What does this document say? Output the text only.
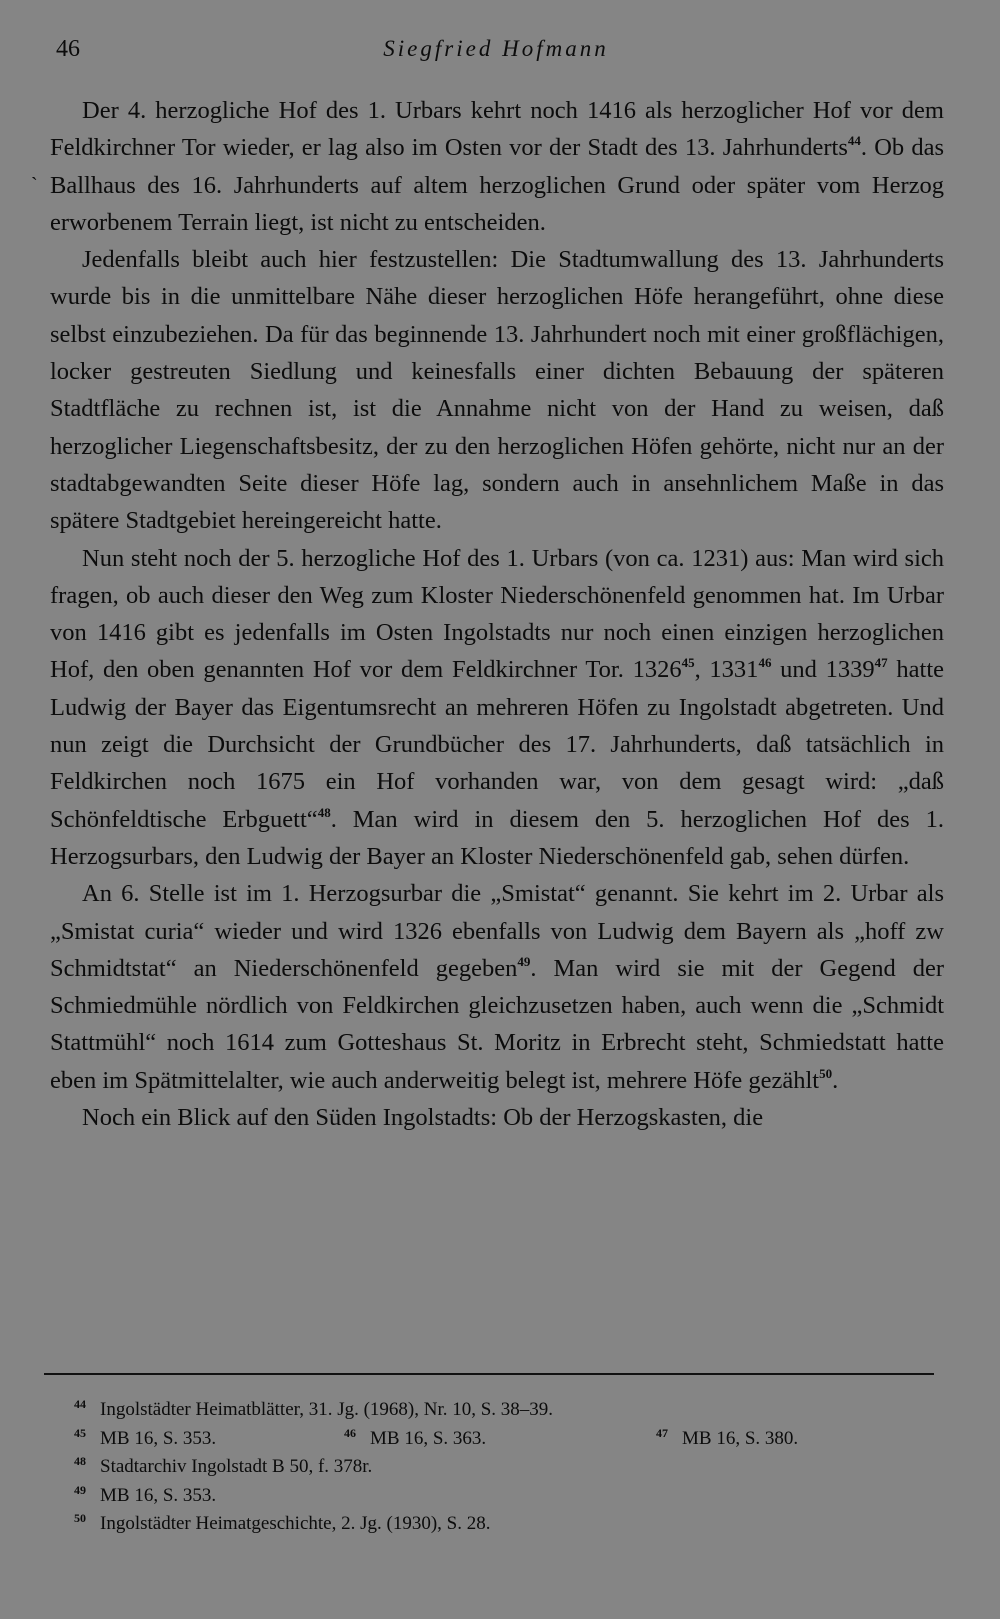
46	Siegfried Hofmann
ˋ

Der 4. herzogliche Hof des 1. Urbars kehrt noch 1416 als herzoglicher Hof vor dem Feldkirchner Tor wieder, er lag also im Osten vor der Stadt des 13. Jahrhunderts$^{44}$. Ob das Ballhaus des 16. Jahrhunderts auf altem herzoglichen Grund oder später vom Herzog erworbenem Terrain liegt, ist nicht zu entscheiden.

Jedenfalls bleibt auch hier festzustellen: Die Stadtumwallung des 13. Jahrhunderts wurde bis in die unmittelbare Nähe dieser herzoglichen Höfe herangeführt, ohne diese selbst einzubeziehen. Da für das beginnende 13. Jahrhundert noch mit einer großflächigen, locker gestreuten Siedlung und keinesfalls einer dichten Bebauung der späteren Stadtfläche zu rechnen ist, ist die Annahme nicht von der Hand zu weisen, daß herzoglicher Liegenschaftsbesitz, der zu den herzoglichen Höfen gehörte, nicht nur an der stadtabgewandten Seite dieser Höfe lag, sondern auch in ansehnlichem Maße in das spätere Stadtgebiet hereingereicht hatte.

Nun steht noch der 5. herzogliche Hof des 1. Urbars (von ca. 1231) aus: Man wird sich fragen, ob auch dieser den Weg zum Kloster Niederschönenfeld genommen hat. Im Urbar von 1416 gibt es jedenfalls im Osten Ingolstadts nur noch einen einzigen herzoglichen Hof, den oben genannten Hof vor dem Feldkirchner Tor. 1326$^{45}$, 1331$^{46}$ und 1339$^{47}$ hatte Ludwig der Bayer das Eigentumsrecht an mehreren Höfen zu Ingolstadt abgetreten. Und nun zeigt die Durchsicht der Grundbücher des 17. Jahrhunderts, daß tatsächlich in Feldkirchen noch 1675 ein Hof vorhanden war, von dem gesagt wird: „daß Schönfeldtische Erbguett“$^{48}$. Man wird in diesem den 5. herzoglichen Hof des 1. Herzogsurbars, den Ludwig der Bayer an Kloster Niederschönenfeld gab, sehen dürfen.

An 6. Stelle ist im 1. Herzogsurbar die „Smistat“ genannt. Sie kehrt im 2. Urbar als „Smistat curia“ wieder und wird 1326 ebenfalls von Ludwig dem Bayern als „hoff zw Schmidtstat“ an Niederschönenfeld gegeben$^{49}$. Man wird sie mit der Gegend der Schmiedmühle nördlich von Feldkirchen gleichzusetzen haben, auch wenn die „Schmidt Stattmühl“ noch 1614 zum Gotteshaus St. Moritz in Erbrecht steht, Schmiedstatt hatte eben im Spätmittelalter, wie auch anderweitig belegt ist, mehrere Höfe gezählt$^{50}$.

Noch ein Blick auf den Süden Ingolstadts: Ob der Herzogskasten, die

44 Ingolstädter Heimatblätter, 31. Jg. (1968), Nr. 10, S. 38–39.
45 MB 16, S. 353.	46 MB 16, S. 363.	47 MB 16, S. 380.
48 Stadtarchiv Ingolstadt B 50, f. 378r.
49 MB 16, S. 353.
50 Ingolstädter Heimatgeschichte, 2. Jg. (1930), S. 28.
